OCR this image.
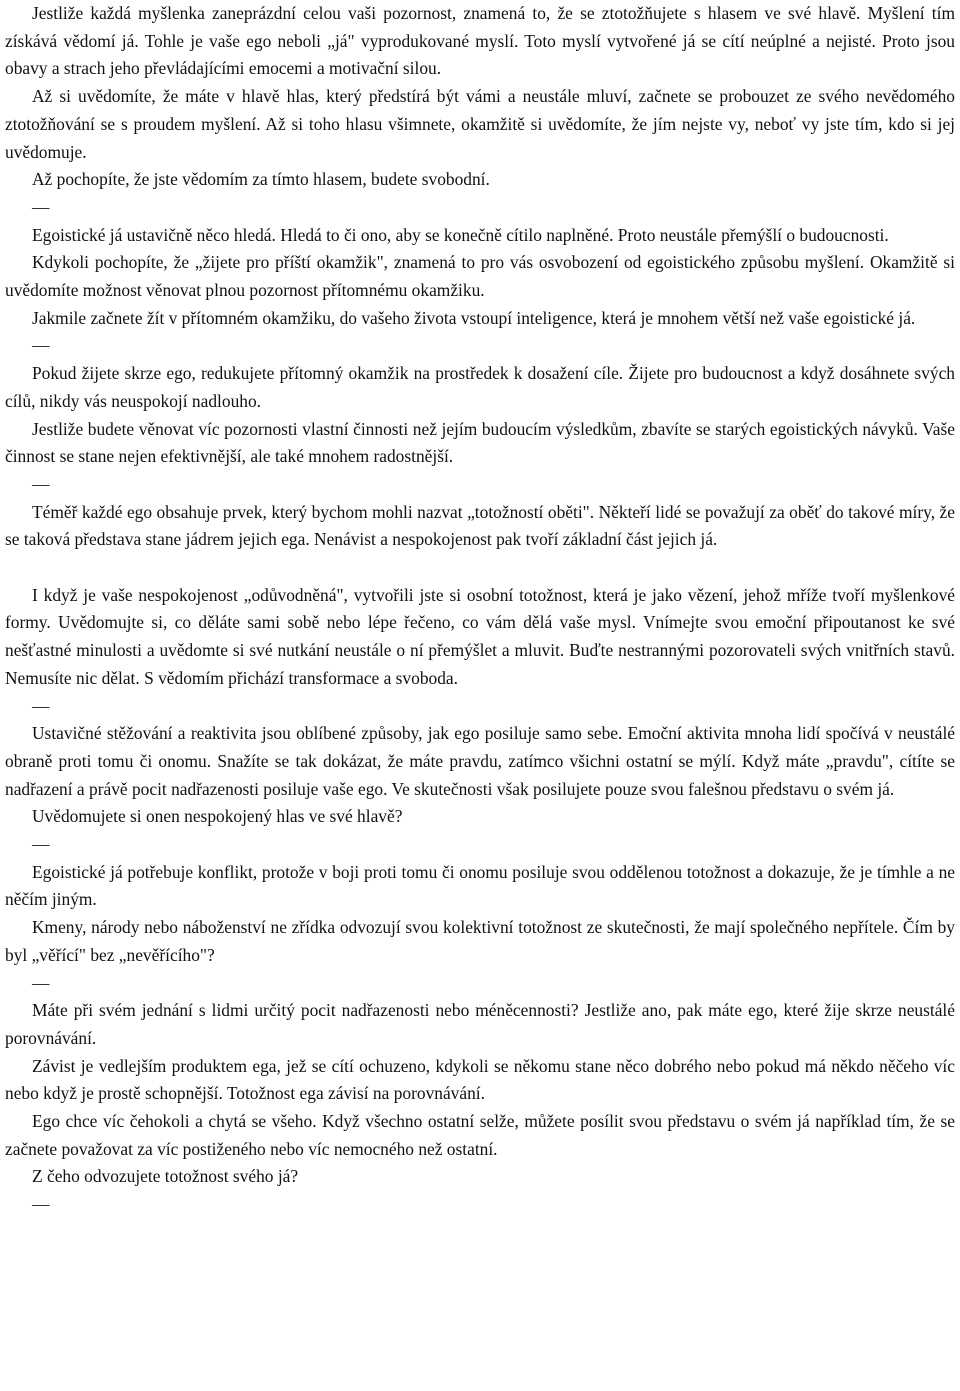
Jestliže každá myšlenka zaneprázdní celou vaši pozornost, znamená to, že se ztotožňujete s hlasem ve své hlavě. Myšlení tím získává vědomí já. Tohle je vaše ego neboli „já" vyprodukované myslí. Toto myslí vytvořené já se cítí neúplné a nejisté. Proto jsou obavy a strach jeho převládajícími emocemi a motivační silou.

Až si uvědomíte, že máte v hlavě hlas, který předstírá být vámi a neustále mluví, začnete se probouzet ze svého nevědomého ztotožňování se s proudem myšlení. Až si toho hlasu všimnete, okamžitě si uvědomíte, že jím nejste vy, neboť vy jste tím, kdo si jej uvědomuje.

Až pochopíte, že jste vědomím za tímto hlasem, budete svobodní.

—

Egoistické já ustavičně něco hledá. Hledá to či ono, aby se konečně cítilo naplněné. Proto neustále přemýšlí o budoucnosti.

Kdykoli pochopíte, že „žijete pro příští okamžik", znamená to pro vás osvobození od egoistického způsobu myšlení. Okamžitě si uvědomíte možnost věnovat plnou pozornost přítomnému okamžiku.

Jakmile začnete žít v přítomném okamžiku, do vašeho života vstoupí inteligence, která je mnohem větší než vaše egoistické já.

—

Pokud žijete skrze ego, redukujete přítomný okamžik na prostředek k dosažení cíle. Žijete pro budoucnost a když dosáhnete svých cílů, nikdy vás neuspokojí nadlouho.

Jestliže budete věnovat víc pozornosti vlastní činnosti než jejím budoucím výsledkům, zbavíte se starých egoistických návyků. Vaše činnost se stane nejen efektivnější, ale také mnohem radostnější.

—

Téměř každé ego obsahuje prvek, který bychom mohli nazvat „totožností oběti". Někteří lidé se považují za oběť do takové míry, že se taková představa stane jádrem jejich ega. Nenávist a nespokojenost pak tvoří základní část jejich já.

I když je vaše nespokojenost „odůvodněná", vytvořili jste si osobní totožnost, která je jako vězení, jehož mříže tvoří myšlenkové formy. Uvědomujte si, co děláte sami sobě nebo lépe řečeno, co vám dělá vaše mysl. Vnímejte svou emoční připoutanost ke své nešťastné minulosti a uvědomte si své nutkání neustále o ní přemýšlet a mluvit. Buďte nestrannými pozorovateli svých vnitřních stavů. Nemusíte nic dělat. S vědomím přichází transformace a svoboda.

—

Ustavičné stěžování a reaktivita jsou oblíbené způsoby, jak ego posiluje samo sebe. Emoční aktivita mnoha lidí spočívá v neustálé obraně proti tomu či onomu. Snažíte se tak dokázat, že máte pravdu, zatímco všichni ostatní se mýlí. Když máte „pravdu", cítíte se nadřazení a právě pocit nadřazenosti posiluje vaše ego. Ve skutečnosti však posilujete pouze svou falešnou představu o svém já.

Uvědomujete si onen nespokojený hlas ve své hlavě?

—

Egoistické já potřebuje konflikt, protože v boji proti tomu či onomu posiluje svou oddělenou totožnost a dokazuje, že je tímhle a ne něčím jiným.

Kmeny, národy nebo náboženství ne zřídka odvozují svou kolektivní totožnost ze skutečnosti, že mají společného nepřítele. Čím by byl „věřící" bez „nevěřícího"?

—

Máte při svém jednání s lidmi určitý pocit nadřazenosti nebo méněcennosti? Jestliže ano, pak máte ego, které žije skrze neustálé porovnávání.

Závist je vedlejším produktem ega, jež se cítí ochuzeno, kdykoli se někomu stane něco dobrého nebo pokud má někdo něčeho víc nebo když je prostě schopnější. Totožnost ega závisí na porovnávání.

Ego chce víc čehokoli a chytá se všeho. Když všechno ostatní selže, můžete posílit svou představu o svém já například tím, že se začnete považovat za víc postiženého nebo víc nemocného než ostatní.

Z čeho odvozujete totožnost svého já?

—
